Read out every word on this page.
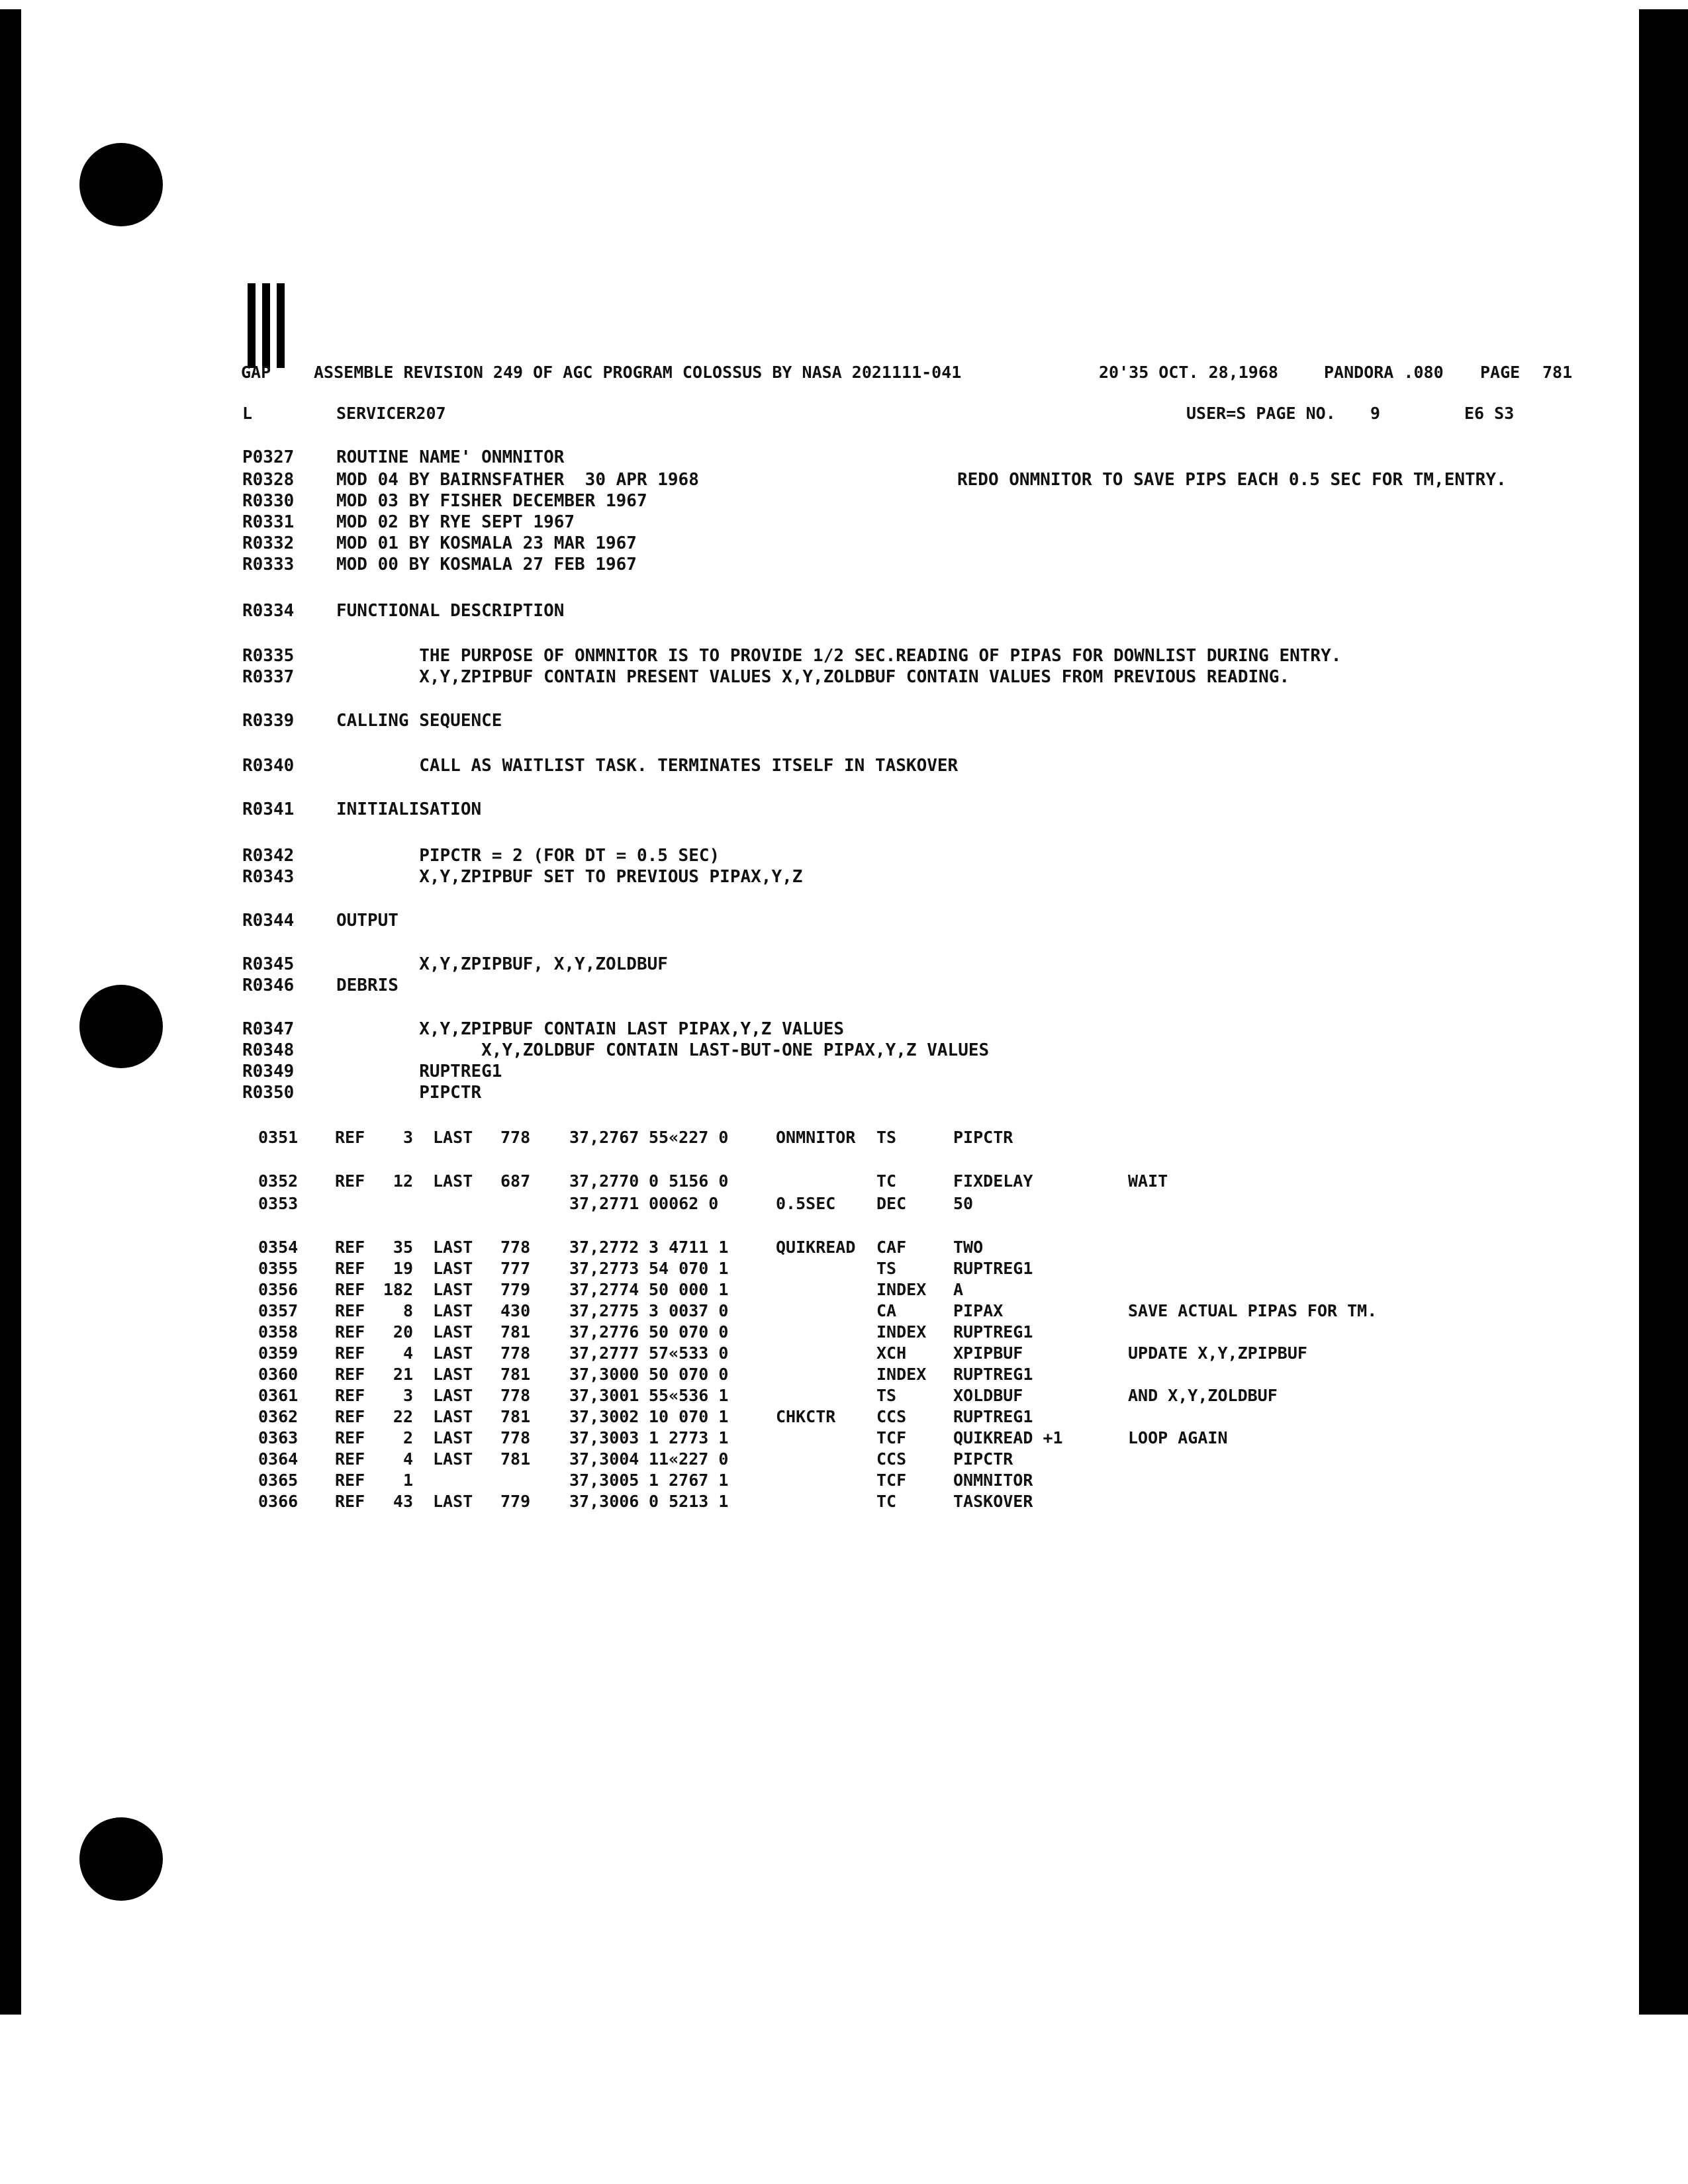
GAP	ASSEMBLE REVISION 249 OF AGC PROGRAM COLOSSUS BY NASA 2021111-041	20'35 OCT. 28,1968	PANDORA .080 PAGE 781
L	SERVICER207	USER=S PAGE NO. 9	E6 S3
P0327 ROUTINE NAME' ONMNITOR
R0328 MOD 04 BY BAIRNSFATHER  30 APR 1968	REDO ONMNITOR TO SAVE PIPS EACH 0.5 SEC FOR TM,ENTRY.
R0330 MOD 03 BY FISHER DECEMBER 1967
R0331 MOD 02 BY RYE SEPT 1967
R0332 MOD 01 BY KOSMALA 23 MAR 1967
R0333 MOD 00 BY KOSMALA 27 FEB 1967
R0334 FUNCTIONAL DESCRIPTION
R0335 THE PURPOSE OF ONMNITOR IS TO PROVIDE 1/2 SEC.READING OF PIPAS FOR DOWNLIST DURING ENTRY.
R0337 X,Y,ZPIPBUF CONTAIN PRESENT VALUES X,Y,ZOLDBUF CONTAIN VALUES FROM PREVIOUS READING.
R0339 CALLING SEQUENCE
R0340 CALL AS WAITLIST TASK. TERMINATES ITSELF IN TASKOVER
R0341 INITIALISATION
R0342 PIPCTR = 2 (FOR DT = 0.5 SEC)
R0343 X,Y,ZPIPBUF SET TO PREVIOUS PIPAX,Y,Z
R0344 OUTPUT
R0345 X,Y,ZPIPBUF, X,Y,ZOLDBUF
R0346 DEBRIS
R0347 X,Y,ZPIPBUF CONTAIN LAST PIPAX,Y,Z VALUES
R0348 X,Y,ZOLDBUF CONTAIN LAST-BUT-ONE PIPAX,Y,Z VALUES
R0349 RUPTREG1
R0350 PIPCTR
0351 REF 3 LAST 778 37,2767 55«227 0	ONMNITOR TS	PIPCTR
0352 REF 12 LAST 687 37,2770 0 5156 0	TC	FIXDELAY	WAIT
0353	37,2771 00062 0	0.5SEC DEC	50
0354 REF 35 LAST 778 37,2772 3 4711 1	QUIKREAD CAF	TWO
0355 REF 19 LAST 777 37,2773 54 070 1	TS	RUPTREG1
0356 REF 182 LAST 779 37,2774 50 000 1	INDEX A
0357 REF 8 LAST 430 37,2775 3 0037 0	CA	PIPAX	SAVE ACTUAL PIPAS FOR TM.
0358 REF 20 LAST 781 37,2776 50 070 0	INDEX RUPTREG1
0359 REF 4 LAST 778 37,2777 57«533 0	XCH	XPIPBUF	UPDATE X,Y,ZPIPBUF
0360 REF 21 LAST 781 37,3000 50 070 0	INDEX RUPTREG1
0361 REF 3 LAST 778 37,3001 55«536 1	TS	XOLDBUF	AND X,Y,ZOLDBUF
0362 REF 22 LAST 781 37,3002 10 070 1	CHKCTR CCS	RUPTREG1
0363 REF 2 LAST 778 37,3003 1 2773 1	TCF	QUIKREAD +1	LOOP AGAIN
0364 REF 4 LAST 781 37,3004 11«227 0	CCS	PIPCTR
0365 REF 1	37,3005 1 2767 1	TCF	ONMNITOR
0366 REF 43 LAST 779 37,3006 0 5213 1	TC	TASKOVER
